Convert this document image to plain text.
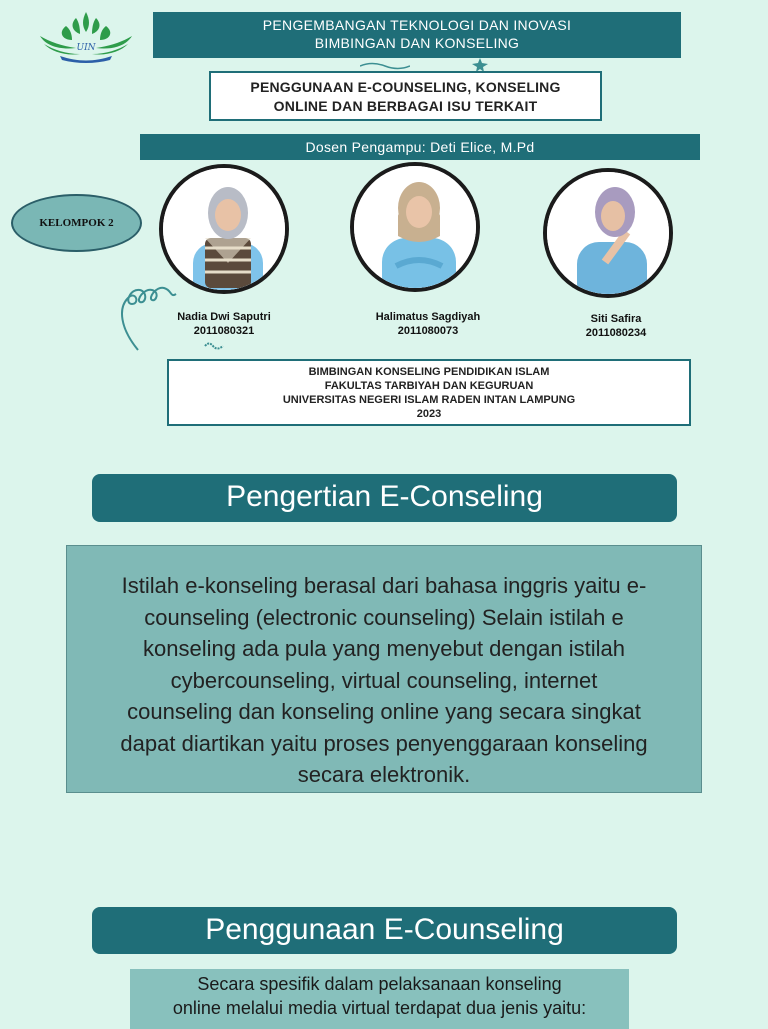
UIN
PENGEMBANGAN TEKNOLOGI DAN INOVASI
BIMBINGAN DAN KONSELING
PENGGUNAAN E-COUNSELING, KONSELING
ONLINE DAN BERBAGAI ISU TERKAIT
Dosen Pengampu: Deti Elice, M.Pd
KELOMPOK 2
Nadia Dwi Saputri
2011080321
Halimatus Sagdiyah
2011080073
Siti Safira
2011080234
BIMBINGAN KONSELING PENDIDIKAN ISLAM
FAKULTAS TARBIYAH DAN KEGURUAN
UNIVERSITAS NEGERI ISLAM RADEN INTAN LAMPUNG
2023
Pengertian E-Conseling
Istilah e-konseling berasal dari bahasa inggris yaitu e-
counseling (electronic counseling) Selain istilah e
konseling ada pula yang menyebut dengan istilah
cybercounseling, virtual counseling, internet
counseling dan konseling online yang secara singkat
dapat diartikan yaitu proses penyenggaraan konseling
secara elektronik.
Penggunaan E-Counseling
Secara spesifik dalam pelaksanaan konseling
online melalui media virtual terdapat dua jenis yaitu:
